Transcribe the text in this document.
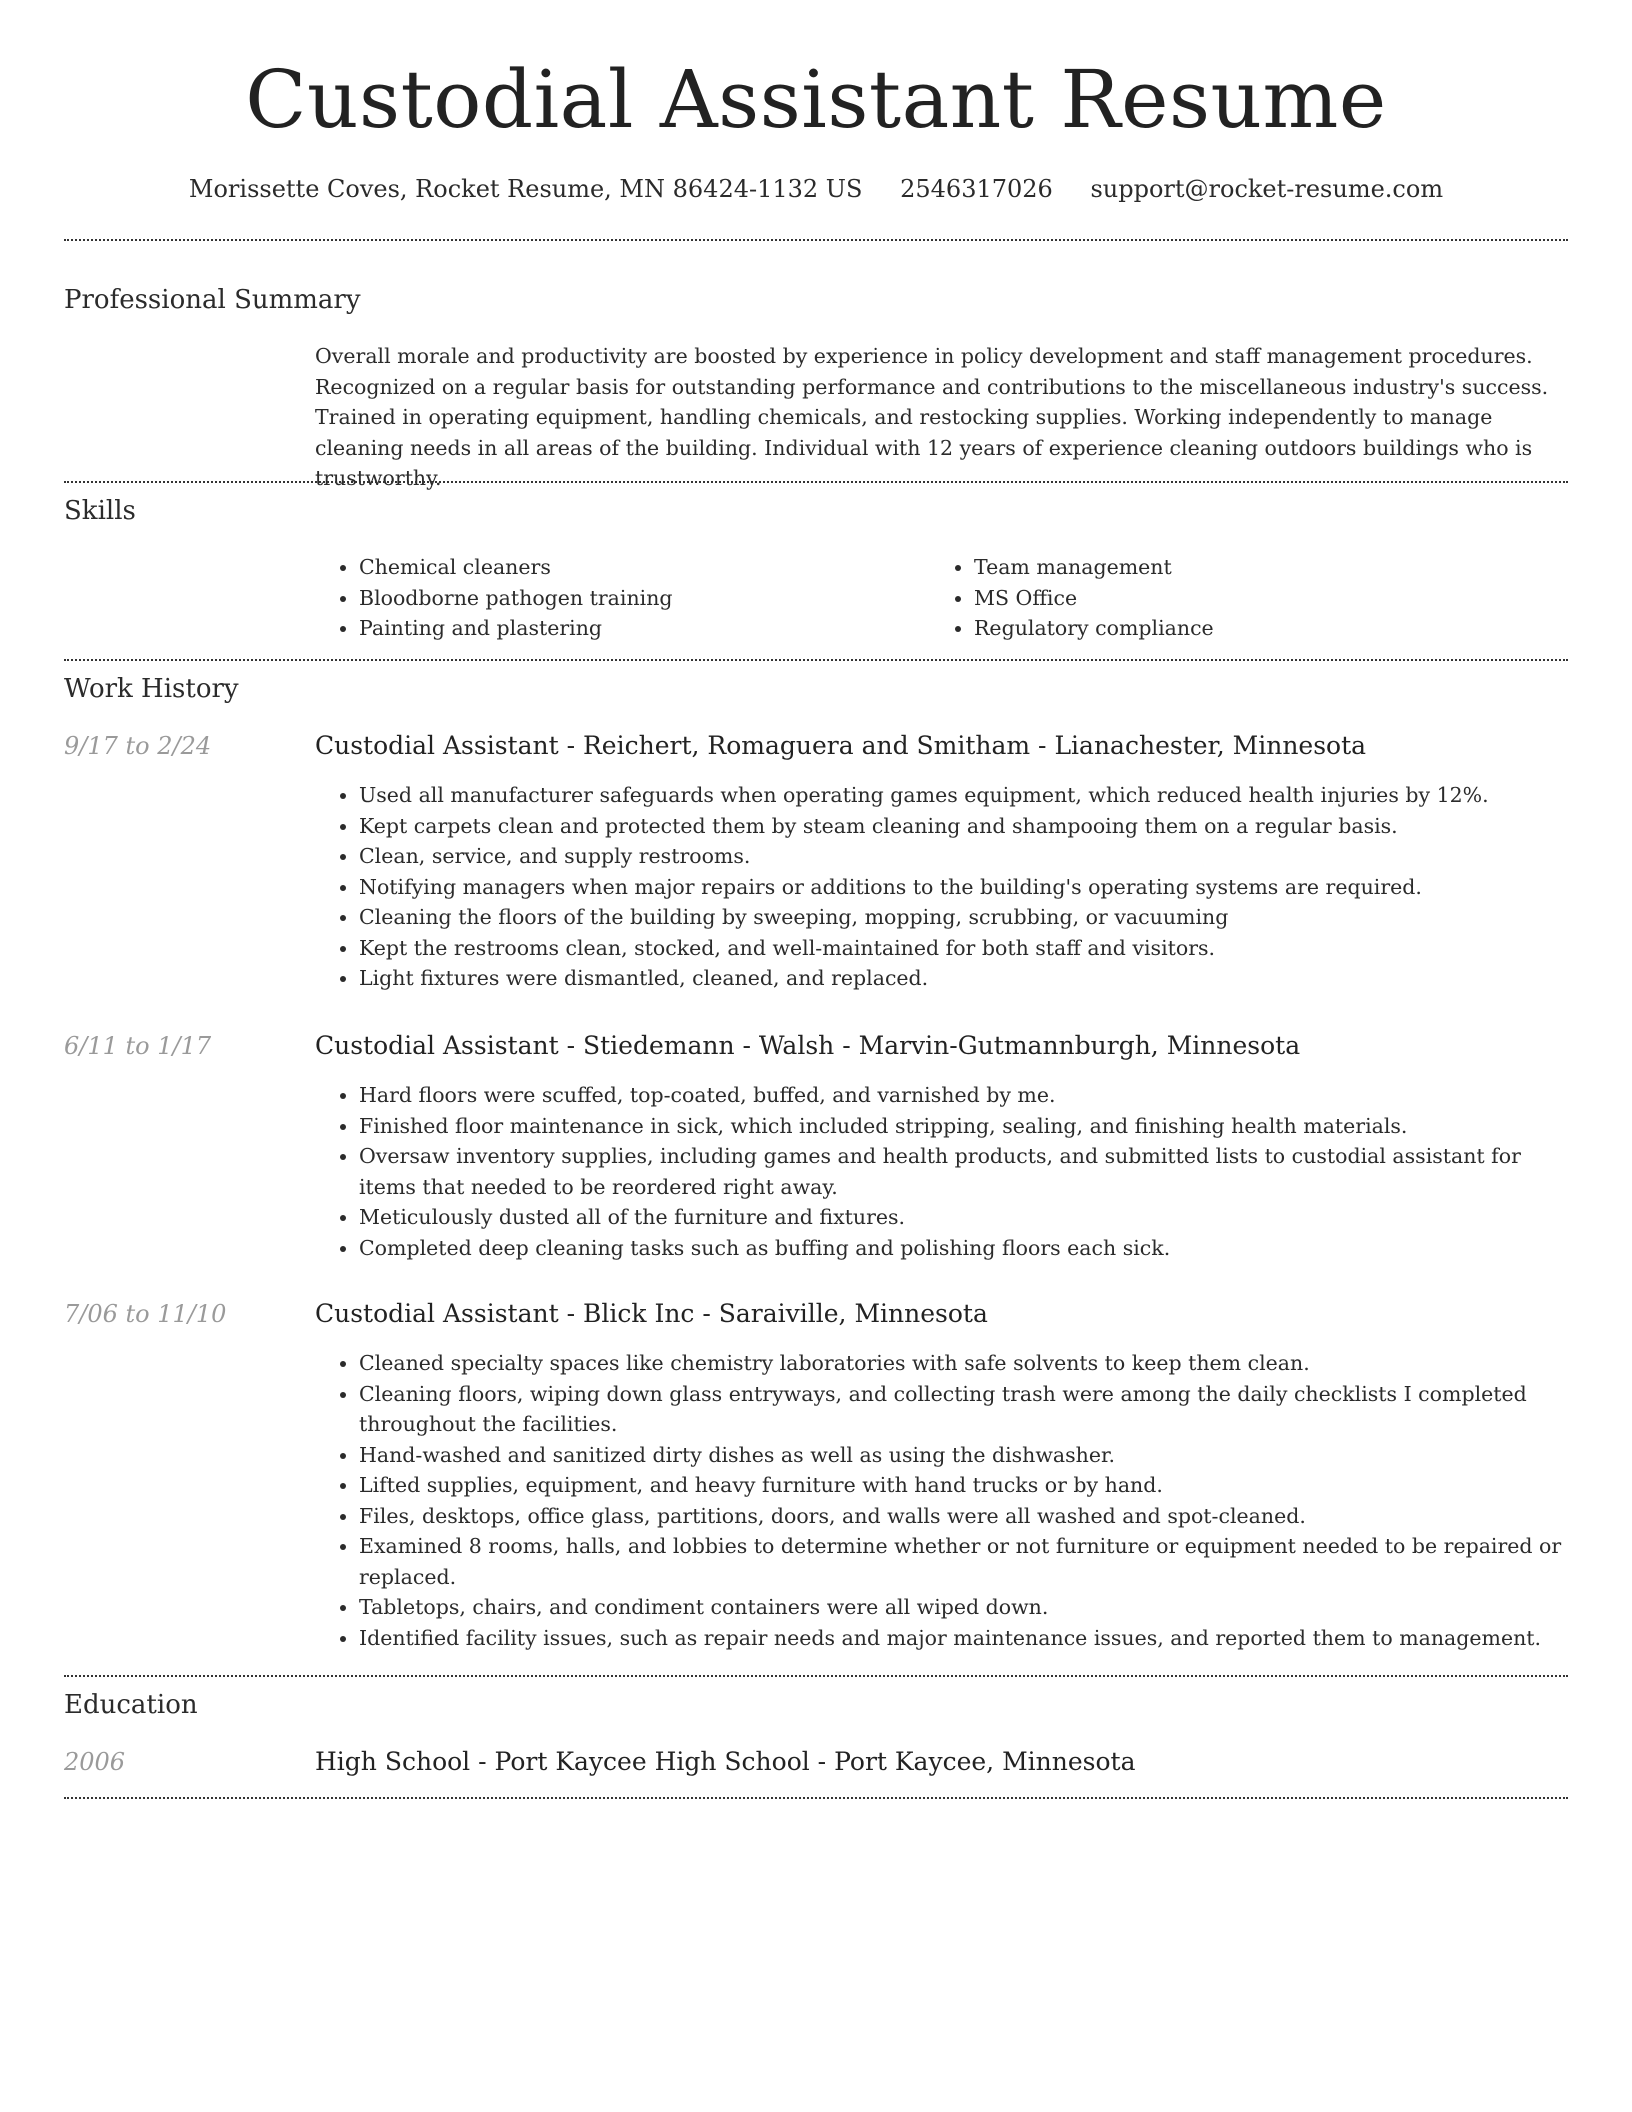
Custodial Assistant Resume
Morissette Coves, Rocket Resume, MN 86424-1132 US 2546317026 support@rocket-resume.com
Professional Summary

Overall morale and productivity are boosted by experience in policy development and staff management procedures. Recognized on a regular basis for outstanding performance and contributions to the miscellaneous industry's success. Trained in operating equipment, handling chemicals, and restocking supplies. Working independently to manage cleaning needs in all areas of the building. Individual with 12 years of experience cleaning outdoors buildings who is trustworthy.

Skills
• Chemical cleaners
• Bloodborne pathogen training
• Painting and plastering
• Team management
• MS Office
• Regulatory compliance
Work History
9/17 to 2/24	Custodial Assistant - Reichert, Romaguera and Smitham - Lianachester, Minnesota
• Used all manufacturer safeguards when operating games equipment, which reduced health injuries by 12%.
• Kept carpets clean and protected them by steam cleaning and shampooing them on a regular basis.
• Clean, service, and supply restrooms.
• Notifying managers when major repairs or additions to the building's operating systems are required.
• Cleaning the floors of the building by sweeping, mopping, scrubbing, or vacuuming
• Kept the restrooms clean, stocked, and well-maintained for both staff and visitors.
• Light fixtures were dismantled, cleaned, and replaced.
6/11 to 1/17	Custodial Assistant - Stiedemann - Walsh - Marvin-Gutmannburgh, Minnesota
• Hard floors were scuffed, top-coated, buffed, and varnished by me.
• Finished floor maintenance in sick, which included stripping, sealing, and finishing health materials.
• Oversaw inventory supplies, including games and health products, and submitted lists to custodial assistant for items that needed to be reordered right away.
• Meticulously dusted all of the furniture and fixtures.
• Completed deep cleaning tasks such as buffing and polishing floors each sick.
7/06 to 11/10	Custodial Assistant - Blick Inc - Saraiville, Minnesota
• Cleaned specialty spaces like chemistry laboratories with safe solvents to keep them clean.
• Cleaning floors, wiping down glass entryways, and collecting trash were among the daily checklists I completed throughout the facilities.
• Hand-washed and sanitized dirty dishes as well as using the dishwasher.
• Lifted supplies, equipment, and heavy furniture with hand trucks or by hand.
• Files, desktops, office glass, partitions, doors, and walls were all washed and spot-cleaned.
• Examined 8 rooms, halls, and lobbies to determine whether or not furniture or equipment needed to be repaired or replaced.
• Tabletops, chairs, and condiment containers were all wiped down.
• Identified facility issues, such as repair needs and major maintenance issues, and reported them to management.
Education
2006	High School - Port Kaycee High School - Port Kaycee, Minnesota
